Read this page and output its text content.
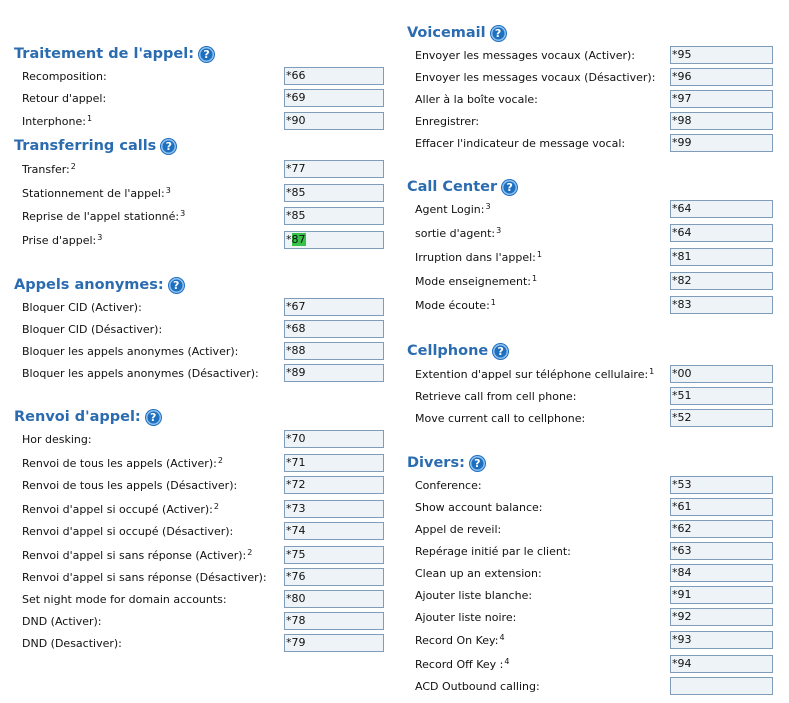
Traitement de l'appel: ?
Recomposition:	*66
Retour d'appel:	*69
Interphone:$^1$	*90
Transferring calls ?
Transfer:$^2$	*77
Stationnement de l'appel:$^3$	*85
Reprise de l'appel stationné:$^3$	*85
Prise d'appel:$^3$	*87
Appels anonymes: ?
Bloquer CID (Activer):	*67
Bloquer CID (Désactiver):	*68
Bloquer les appels anonymes (Activer):	*88
Bloquer les appels anonymes (Désactiver): *89
Renvoi d'appel: ?
Hor desking:	*70
Renvoi de tous les appels (Activer):$^2$	*71
Renvoi de tous les appels (Désactiver):	*72
Renvoi d'appel si occupé (Activer):$^2$	*73
Renvoi d'appel si occupé (Désactiver):	*74
Renvoi d'appel si sans réponse (Activer):$^2$	*75
Renvoi d'appel si sans réponse (Désactiver): *76
Set night mode for domain accounts:	*80
DND (Activer):	*78
DND (Desactiver):	*79
Voicemail ?
Envoyer les messages vocaux (Activer):	*95
Envoyer les messages vocaux (Désactiver): *96
Aller à la boîte vocale:	*97
Enregistrer:	*98
Effacer l'indicateur de message vocal:	*99
Call Center ?
Agent Login:$^3$	*64
sortie d'agent:$^3$	*64
Irruption dans l'appel:$^1$	*81
Mode enseignement:$^1$	*82
Mode écoute:$^1$	*83
Cellphone ?
Extention d'appel sur téléphone cellulaire:$^1$ *00
Retrieve call from cell phone:	*51
Move current call to cellphone:	*52
Divers: ?
Conference:	*53
Show account balance:	*61
Appel de reveil:	*62
Repérage initié par le client:	*63
Clean up an extension:	*84
Ajouter liste blanche:	*91
Ajouter liste noire:	*92
Record On Key:$^4$	*93
Record Off Key :$^4$	*94
ACD Outbound calling:
